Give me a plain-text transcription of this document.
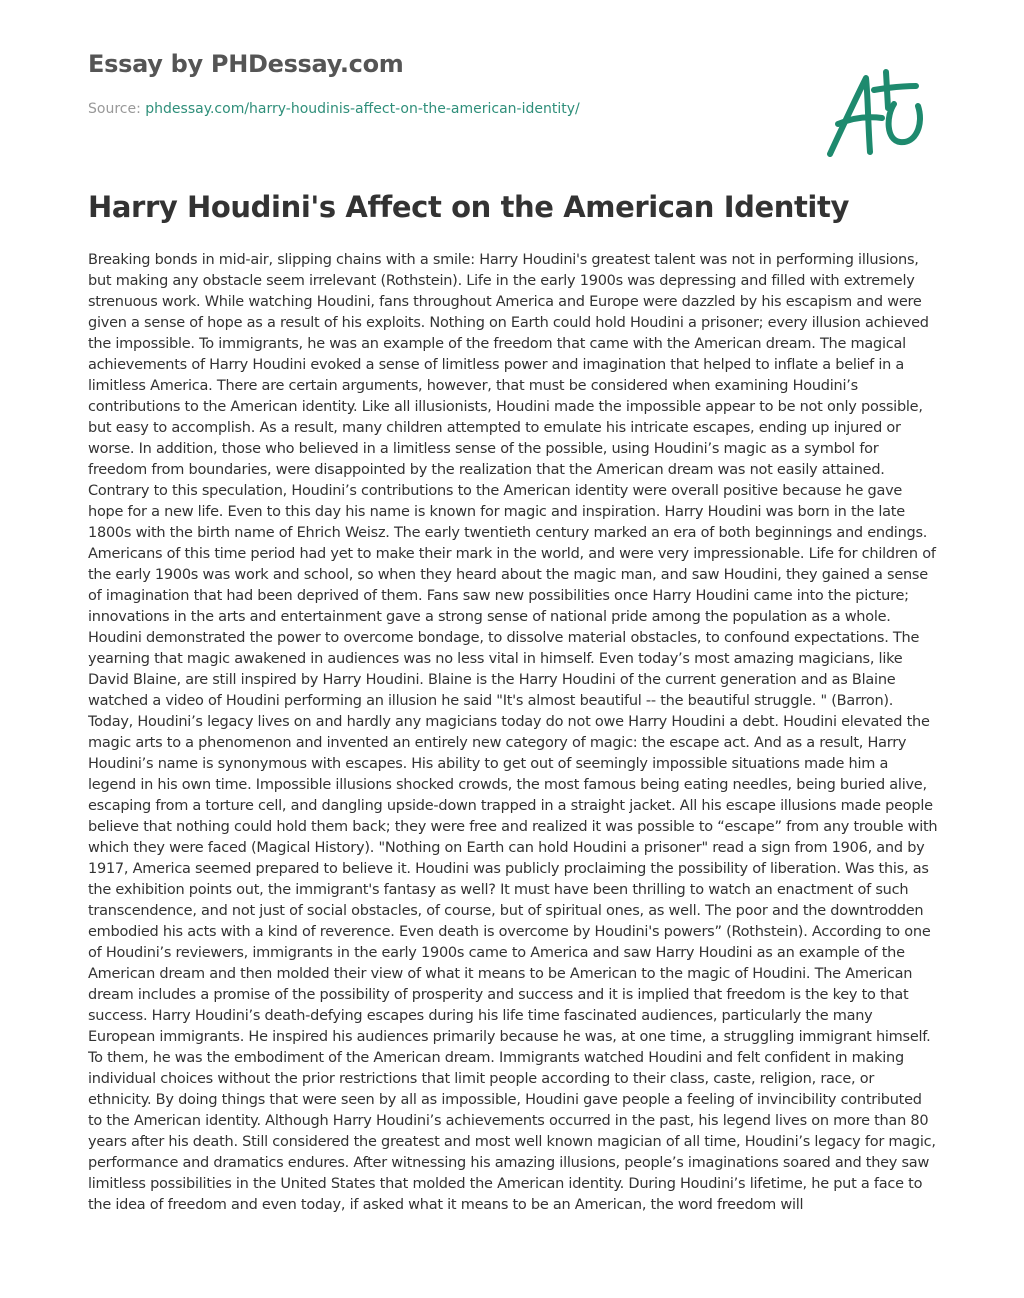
Essay by PHDessay.com
Source: phdessay.com/harry-houdinis-affect-on-the-american-identity/
Harry Houdini's Affect on the American Identity

Breaking bonds in mid-air, slipping chains with a smile: Harry Houdini's greatest talent was not in performing illusions, but making any obstacle seem irrelevant (Rothstein). Life in the early 1900s was depressing and filled with extremely strenuous work. While watching Houdini, fans throughout America and Europe were dazzled by his escapism and were given a sense of hope as a result of his exploits. Nothing on Earth could hold Houdini a prisoner; every illusion achieved the impossible. To immigrants, he was an example of the freedom that came with the American dream. The magical achievements of Harry Houdini evoked a sense of limitless power and imagination that helped to inflate a belief in a limitless America. There are certain arguments, however, that must be considered when examining Houdini’s contributions to the American identity. Like all illusionists, Houdini made the impossible appear to be not only possible, but easy to accomplish. As a result, many children attempted to emulate his intricate escapes, ending up injured or worse. In addition, those who believed in a limitless sense of the possible, using Houdini’s magic as a symbol for freedom from boundaries, were disappointed by the realization that the American dream was not easily attained. Contrary to this speculation, Houdini’s contributions to the American identity were overall positive because he gave hope for a new life. Even to this day his name is known for magic and inspiration. Harry Houdini was born in the late 1800s with the birth name of Ehrich Weisz. The early twentieth century marked an era of both beginnings and endings. Americans of this time period had yet to make their mark in the world, and were very impressionable. Life for children of the early 1900s was work and school, so when they heard about the magic man, and saw Houdini, they gained a sense of imagination that had been deprived of them. Fans saw new possibilities once Harry Houdini came into the picture; innovations in the arts and entertainment gave a strong sense of national pride among the population as a whole. Houdini demonstrated the power to overcome bondage, to dissolve material obstacles, to confound expectations. The yearning that magic awakened in audiences was no less vital in himself. Even today’s most amazing magicians, like David Blaine, are still inspired by Harry Houdini. Blaine is the Harry Houdini of the current generation and as Blaine watched a video of Houdini performing an illusion he said "It's almost beautiful -- the beautiful struggle. " (Barron). Today, Houdini’s legacy lives on and hardly any magicians today do not owe Harry Houdini a debt. Houdini elevated the magic arts to a phenomenon and invented an entirely new category of magic: the escape act. And as a result, Harry Houdini’s name is synonymous with escapes. His ability to get out of seemingly impossible situations made him a legend in his own time. Impossible illusions shocked crowds, the most famous being eating needles, being buried alive, escaping from a torture cell, and dangling upside-down trapped in a straight jacket. All his escape illusions made people believe that nothing could hold them back; they were free and realized it was possible to “escape” from any trouble with which they were faced (Magical History). "Nothing on Earth can hold Houdini a prisoner" read a sign from 1906, and by 1917, America seemed prepared to believe it. Houdini was publicly proclaiming the possibility of liberation. Was this, as the exhibition points out, the immigrant's fantasy as well? It must have been thrilling to watch an enactment of such transcendence, and not just of social obstacles, of course, but of spiritual ones, as well. The poor and the downtrodden embodied his acts with a kind of reverence. Even death is overcome by Houdini's powers” (Rothstein). According to one of Houdini’s reviewers, immigrants in the early 1900s came to America and saw Harry Houdini as an example of the American dream and then molded their view of what it means to be American to the magic of Houdini. The American dream includes a promise of the possibility of prosperity and success and it is implied that freedom is the key to that success. Harry Houdini’s death-defying escapes during his life time fascinated audiences, particularly the many European immigrants. He inspired his audiences primarily because he was, at one time, a struggling immigrant himself. To them, he was the embodiment of the American dream. Immigrants watched Houdini and felt confident in making individual choices without the prior restrictions that limit people according to their class, caste, religion, race, or ethnicity. By doing things that were seen by all as impossible, Houdini gave people a feeling of invincibility contributed to the American identity. Although Harry Houdini’s achievements occurred in the past, his legend lives on more than 80 years after his death. Still considered the greatest and most well known magician of all time, Houdini’s legacy for magic, performance and dramatics endures. After witnessing his amazing illusions, people’s imaginations soared and they saw limitless possibilities in the United States that molded the American identity. During Houdini’s lifetime, he put a face to the idea of freedom and even today, if asked what it means to be an American, the word freedom will
